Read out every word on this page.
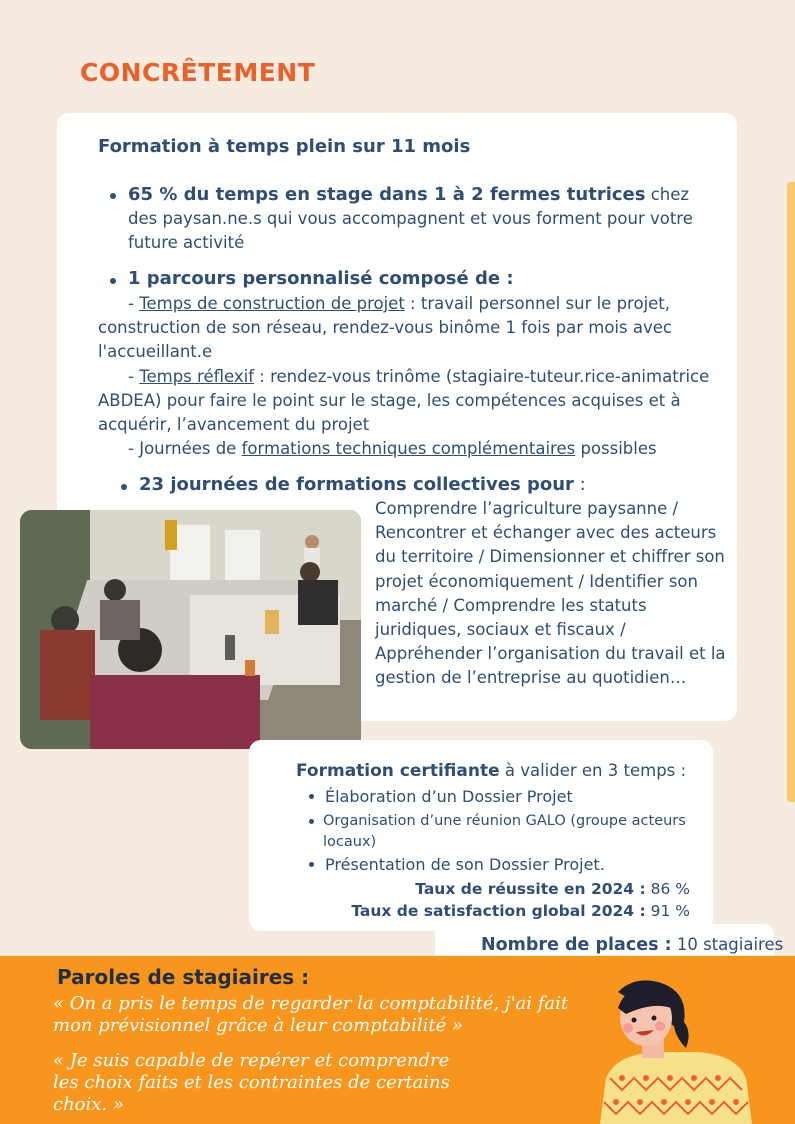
CONCRÊTEMENT
Formation à temps plein sur 11 mois
65 % du temps en stage dans 1 à 2 fermes tutrices chez des paysan.ne.s qui vous accompagnent et vous forment pour votre future activité
1 parcours personnalisé composé de :
- Temps de construction de projet : travail personnel sur le projet, construction de son réseau, rendez-vous binôme 1 fois par mois avec l'accueillant.e
- Temps réflexif : rendez-vous trinôme (stagiaire-tuteur.rice-animatrice ABDEA) pour faire le point sur le stage, les compétences acquises et à acquérir, l’avancement du projet
- Journées de formations techniques complémentaires possibles
23 journées de formations collectives pour :
Comprendre l’agriculture paysanne / Rencontrer et échanger avec des acteurs du territoire / Dimensionner et chiffrer son projet économiquement / Identifier son marché / Comprendre les statuts juridiques, sociaux et fiscaux / Appréhender l’organisation du travail et la gestion de l’entreprise au quotidien…
Formation certifiante à valider en 3 temps :
Élaboration d’un Dossier Projet
Organisation d’une réunion GALO (groupe acteurs locaux)
Présentation de son Dossier Projet.
Taux de réussite en 2024 : 86 %
Taux de satisfaction global 2024 : 91 %
Nombre de places : 10 stagiaires
Paroles de stagiaires :
« On a pris le temps de regarder la comptabilité, j'ai fait mon prévisionnel grâce à leur comptabilité »
« Je suis capable de repérer et comprendre les choix faits et les contraintes de certains choix. »
